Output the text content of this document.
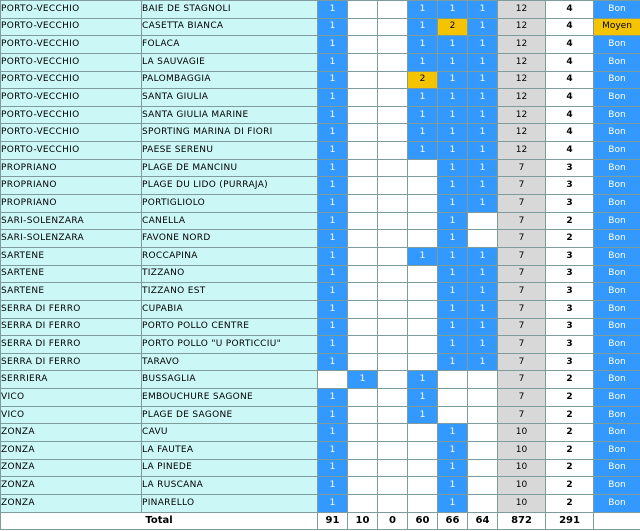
PORTO-VECCHIO	BAIE DE STAGNOLI	1			1	1	1	12	4	Bon
PORTO-VECCHIO	CASETTA BIANCA	1			1	2	1	12	4	Moyen
PORTO-VECCHIO	FOLACA	1			1	1	1	12	4	Bon
PORTO-VECCHIO	LA SAUVAGIE	1			1	1	1	12	4	Bon
PORTO-VECCHIO	PALOMBAGGIA	1			2	1	1	12	4	Bon
PORTO-VECCHIO	SANTA GIULIA	1			1	1	1	12	4	Bon
PORTO-VECCHIO	SANTA GIULIA MARINE	1			1	1	1	12	4	Bon
PORTO-VECCHIO	SPORTING MARINA DI FIORI	1			1	1	1	12	4	Bon
PORTO-VECCHIO	PAESE SERENU	1			1	1	1	12	4	Bon
PROPRIANO	PLAGE DE MANCINU	1				1	1	7	3	Bon
PROPRIANO	PLAGE DU LIDO (PURRAJA)	1				1	1	7	3	Bon
PROPRIANO	PORTIGLIOLO	1				1	1	7	3	Bon
SARI-SOLENZARA	CANELLA	1				1		7	2	Bon
SARI-SOLENZARA	FAVONE NORD	1				1		7	2	Bon
SARTENE	ROCCAPINA	1			1	1	1	7	3	Bon
SARTENE	TIZZANO	1				1	1	7	3	Bon
SARTENE	TIZZANO EST	1				1	1	7	3	Bon
SERRA DI FERRO	CUPABIA	1				1	1	7	3	Bon
SERRA DI FERRO	PORTO POLLO CENTRE	1				1	1	7	3	Bon
SERRA DI FERRO	PORTO POLLO "U PORTICCIU"	1				1	1	7	3	Bon
SERRA DI FERRO	TARAVO	1				1	1	7	3	Bon
SERRIERA	BUSSAGLIA		1		1			7	2	Bon
VICO	EMBOUCHURE SAGONE	1			1			7	2	Bon
VICO	PLAGE DE SAGONE	1			1			7	2	Bon
ZONZA	CAVU	1				1		10	2	Bon
ZONZA	LA FAUTEA	1				1		10	2	Bon
ZONZA	LA PINEDE	1				1		10	2	Bon
ZONZA	LA RUSCANA	1				1		10	2	Bon
ZONZA	PINARELLO	1				1		10	2	Bon
Total		91	10	0	60	66	64	872	291	
